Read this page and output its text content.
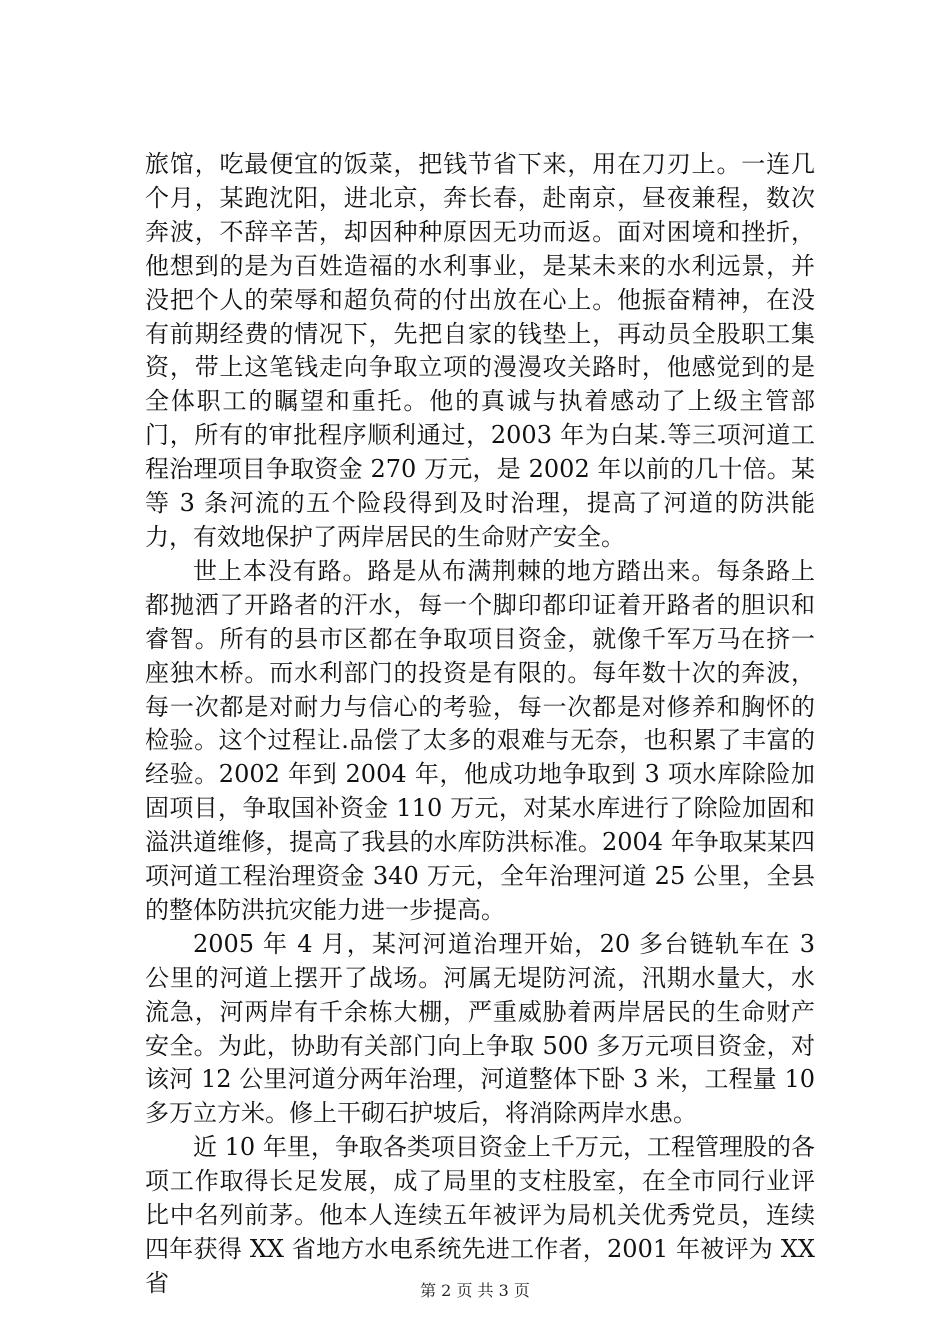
旅馆，吃最便宜的饭菜，把钱节省下来，用在刀刃上。一连几个月，某跑沈阳，进北京，奔长春，赴南京，昼夜兼程，数次奔波，不辞辛苦，却因种种原因无功而返。面对困境和挫折，他想到的是为百姓造福的水利事业，是某未来的水利远景，并没把个人的荣辱和超负荷的付出放在心上。他振奋精神，在没有前期经费的情况下，先把自家的钱垫上，再动员全股职工集资，带上这笔钱走向争取立项的漫漫攻关路时，他感觉到的是全体职工的瞩望和重托。他的真诚与执着感动了上级主管部门，所有的审批程序顺利通过，2003 年为白某.等三项河道工程治理项目争取资金 270 万元，是 2002 年以前的几十倍。某等 3 条河流的五个险段得到及时治理，提高了河道的防洪能力，有效地保护了两岸居民的生命财产安全。

世上本没有路。路是从布满荆棘的地方踏出来。每条路上都抛洒了开路者的汗水，每一个脚印都印证着开路者的胆识和睿智。所有的县市区都在争取项目资金，就像千军万马在挤一座独木桥。而水利部门的投资是有限的。每年数十次的奔波，每一次都是对耐力与信心的考验，每一次都是对修养和胸怀的检验。这个过程让.品偿了太多的艰难与无奈，也积累了丰富的经验。2002 年到 2004 年，他成功地争取到 3 项水库除险加固项目，争取国补资金 110 万元，对某水库进行了除险加固和溢洪道维修，提高了我县的水库防洪标准。2004 年争取某某四项河道工程治理资金 340 万元，全年治理河道 25 公里，全县的整体防洪抗灾能力进一步提高。

2005 年 4 月，某河河道治理开始，20 多台链轨车在 3 公里的河道上摆开了战场。河属无堤防河流，汛期水量大，水流急，河两岸有千余栋大棚，严重威胁着两岸居民的生命财产安全。为此，协助有关部门向上争取 500 多万元项目资金，对该河 12 公里河道分两年治理，河道整体下卧 3 米，工程量 10 多万立方米。修上干砌石护坡后，将消除两岸水患。

近 10 年里，争取各类项目资金上千万元，工程管理股的各项工作取得长足发展，成了局里的支柱股室，在全市同行业评比中名列前茅。他本人连续五年被评为局机关优秀党员，连续四年获得 XX 省地方水电系统先进工作者，2001 年被评为 XX 省	第 2 页 共 3 页
